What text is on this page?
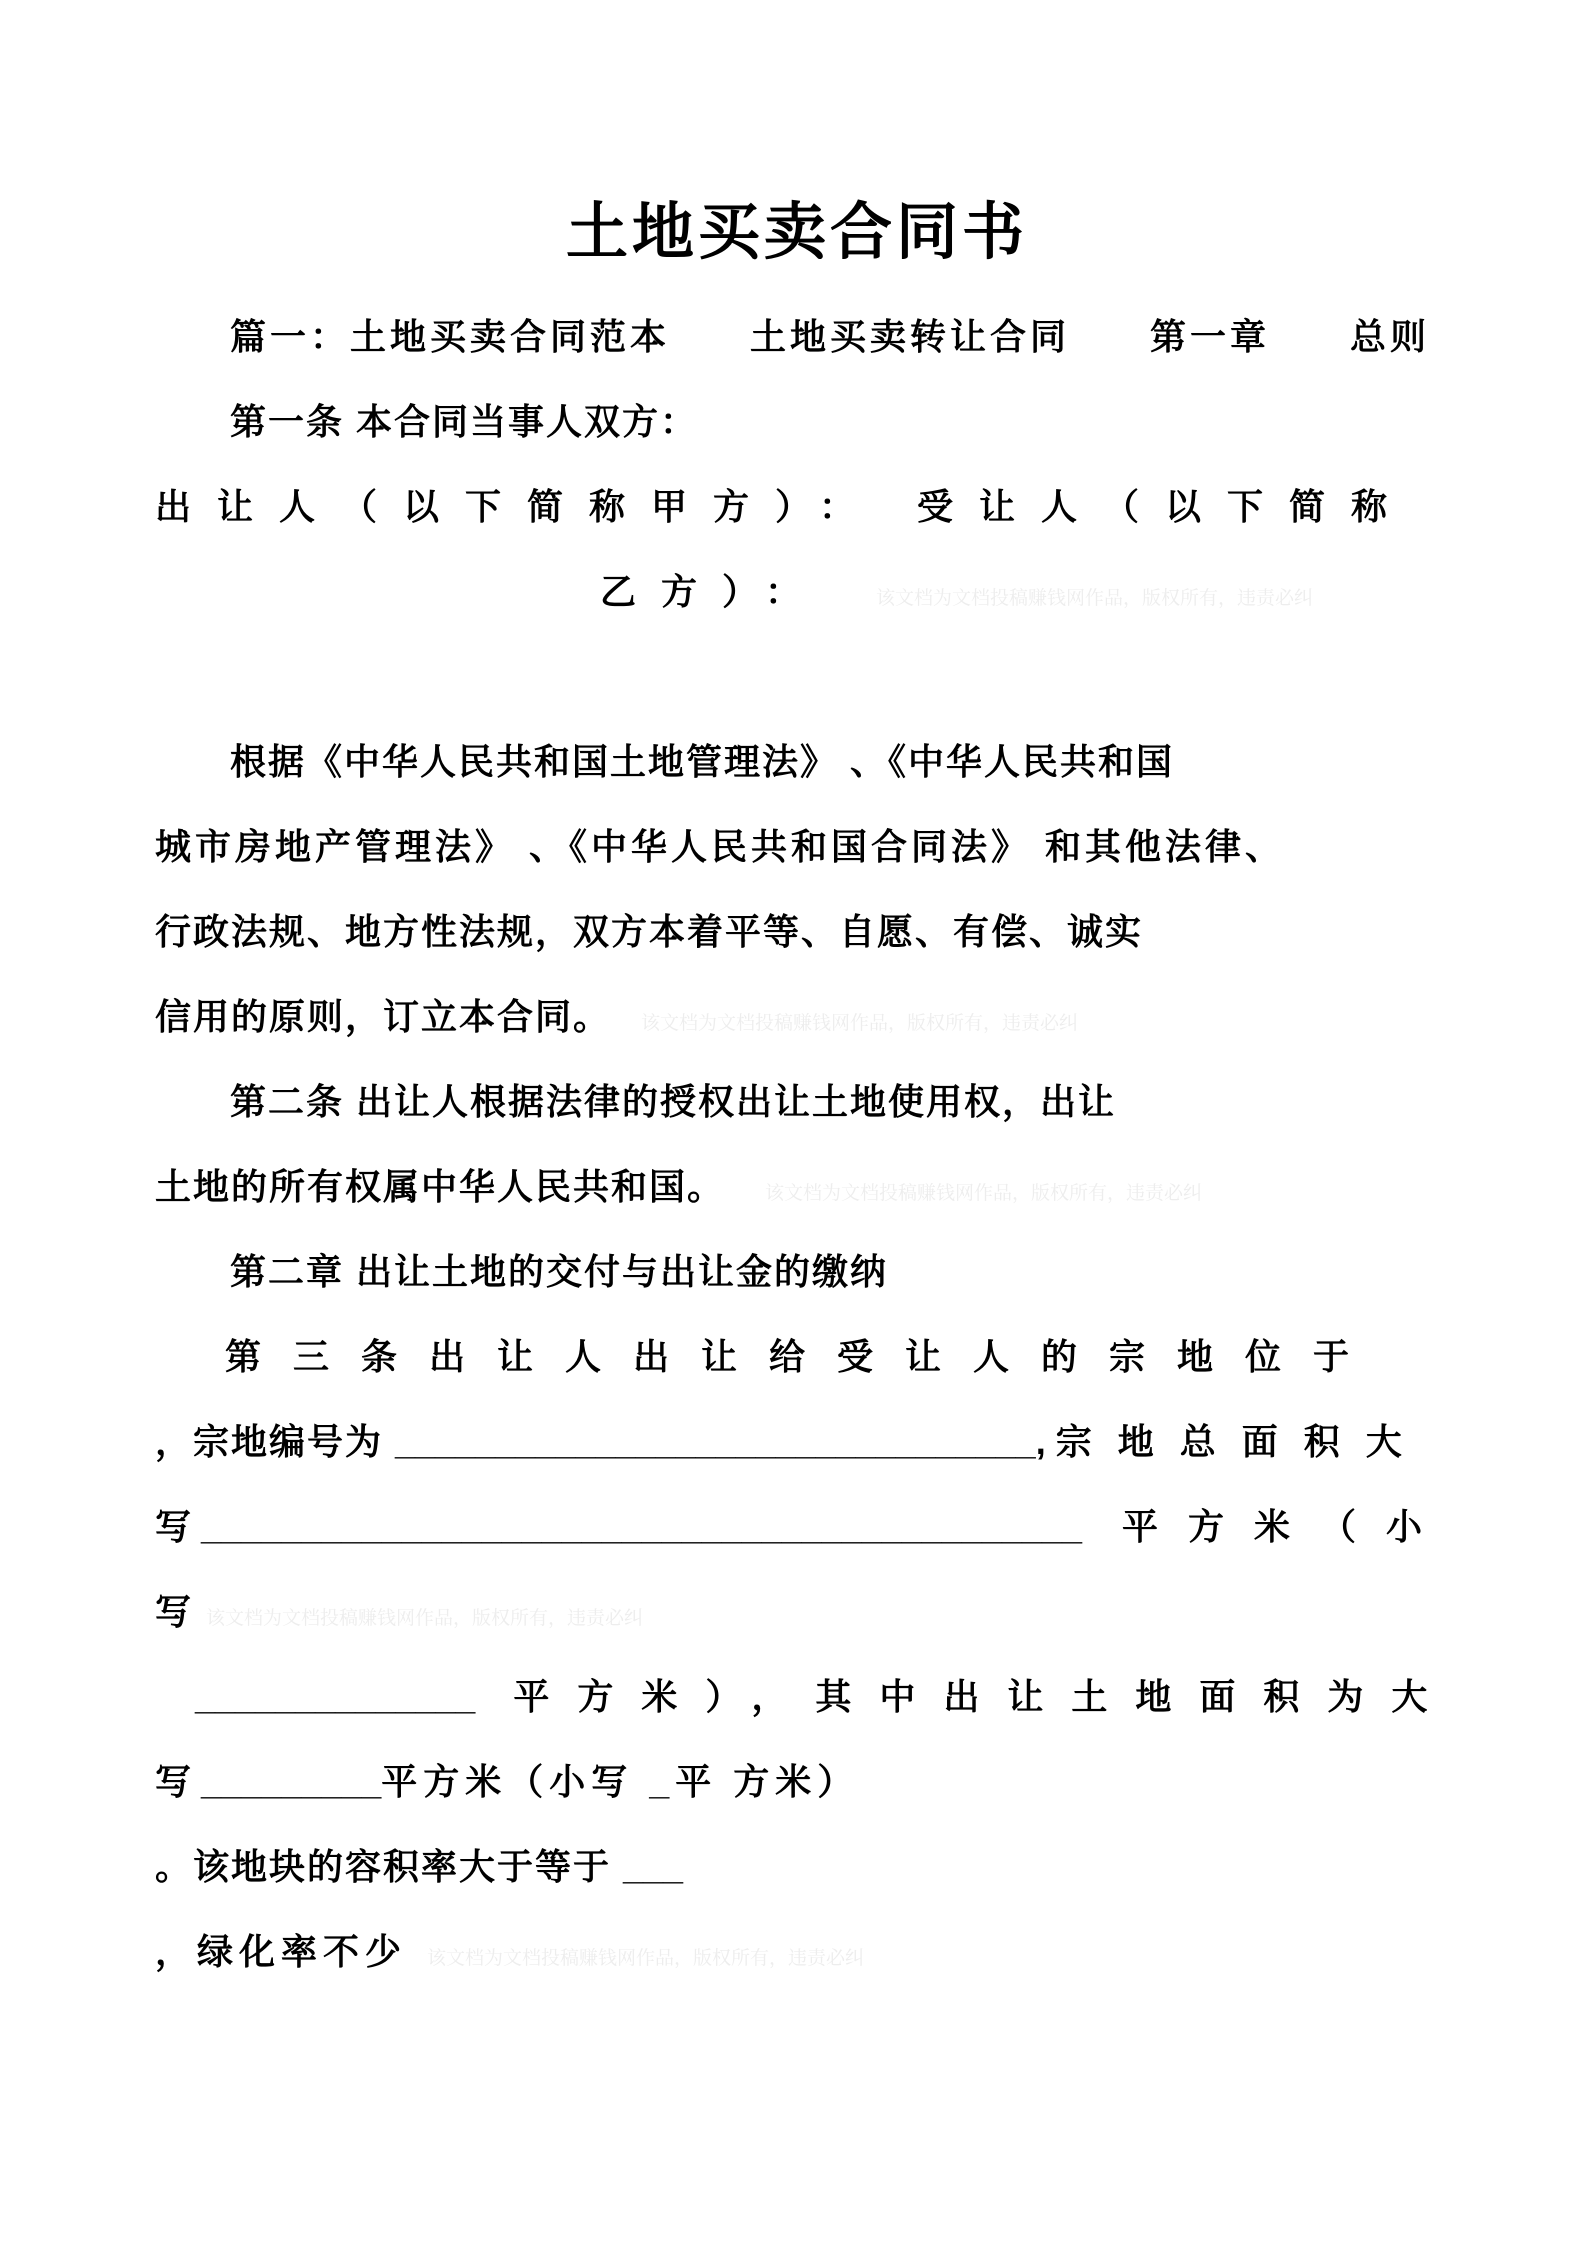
土地买卖合同书
篇一：土地买卖合同范本　　土地买卖转让合同　　第一章　　总则
第一条 本合同当事人双方：
出让人（以下简称甲方）： 受让人（以下简称
乙方）：	该文档为文档投稿赚钱网作品，版权所有，违责必纠
根据《中华人民共和国土地管理法》 、《中华人民共和国
城市房地产管理法》 、《中华人民共和国合同法》 和其他法律、
行政法规、地方性法规，双方本着平等、自愿、有偿、诚实
信用的原则，订立本合同。 该文档为文档投稿赚钱网作品，版权所有，违责必纠
第二条 出让人根据法律的授权出让土地使用权，出让
土地的所有权属中华人民共和国。 该文档为文档投稿赚钱网作品，版权所有，违责必纠
第二章 出让土地的交付与出让金的缴纳
第三条出让人出让给受让人的宗地位于
，宗地编号为 ________________________________, 宗地总面积大
写 ____________________________________________ 平方米（小
写该文档为文档投稿赚钱网作品，版权所有，违责必纠
______________ 平方米），其中出让土地面积为大
写 _________平方米（小写 _平 方米）
。该地块的容积率大于等于 ___
，绿化率不少 该文档为文档投稿赚钱网作品，版权所有，违责必纠
